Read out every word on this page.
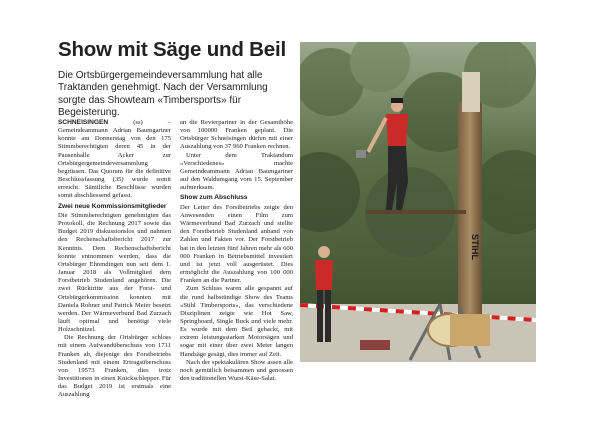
Show mit Säge und Beil

Die Ortsbürgergemeindeversammlung hat alle Traktanden genehmigt. Nach der Versammlung sorgte das Showteam «Timbersports» für Begeisterung.

SCHNEISINGEN	(ss) – Gemeindeammann Adrian Baumgartner konnte am Donnerstag von den 175 Stimmberechtigten deren 45 in der Pausenhalle Acker zur Ortsbürgergemeindeversammlung begrüssen. Das Quorum für die definitive Beschlussfassung (35) wurde somit erreicht. Sämtliche Beschlüsse wurden somit abschliessend gefasst.

Zwei neue Kommissionsmitglieder

Die Stimmberechtigten genehmigten das Protokoll, die Rechnung 2017 sowie das Budget 2019 diskussionslos und nahmen den Rechenschaftsbericht 2017 zur Kenntnis. Dem Rechenschaftsbericht konnte entnommen werden, dass die Ortsbürger Ehrendingen nun seit dem 1. Januar 2018 als Vollmitglied dem Forstbetrieb Studenland angehören. Die zwei Rücktritte aus der Forst- und Ortsbürgerkommission konnten mit Daniela Rohner und Patrick Meier besetzt werden. Der Wärmeverbund Bad Zurzach läuft optimal und benötigt viele Holzschnitzel.

Die Rechnung der Ortsbürger schloss mit einem Aufwandüberschuss von 1711 Franken ab, diejenige des Forstbetriebs Studenland mit einem Ertragsüberschuss von 19573 Franken, dies trotz Investitionen in einen Knickschlepper. Für das Budget 2019 ist erstmals eine Auszahlung

an die Revierpartner in der Gesamthöhe von 100000 Franken geplant. Die Ortsbürger Schneisingen dürfen mit einer Auszahlung von 37 960 Franken rechnen.

Unter dem Traktandum «Verschiedenes» machte Gemeindeammann Adrian Baumgartner auf den Waldumgang vom 15. September aufmerksam.

Show zum Abschluss

Der Leiter des Forstbetriebs zeigte den Anwesenden einen Film zum Wärmeverbund Bad Zurzach und stellte den Forstbetrieb Studenland anhand von Zahlen und Fakten vor. Der Forstbetrieb hat in den letzten fünf Jahren mehr als 600 000 Franken in Betriebsmittel investiert und ist jetzt voll ausgerüstet. Dies ermöglicht die Auszahlung von 100 000 Franken an die Partner.

Zum Schluss waren alle gespannt auf die rund halbstündige Show des Teams «Stihl Timbersports», das verschiedene Disziplinen zeigte wie Hot Saw, Springboard, Single Buck und viele mehr. Es wurde mit dem Beil gehackt, mit extrem leistungsstarken Motorsägen und sogar mit einer über zwei Meter langen Handsäge gesägt, dies immer auf Zeit.

Nach der spektakulären Show assen alle noch gemütlich beisammen und genossen den traditionellen Wurst-Käse-Salat.

STIHL
